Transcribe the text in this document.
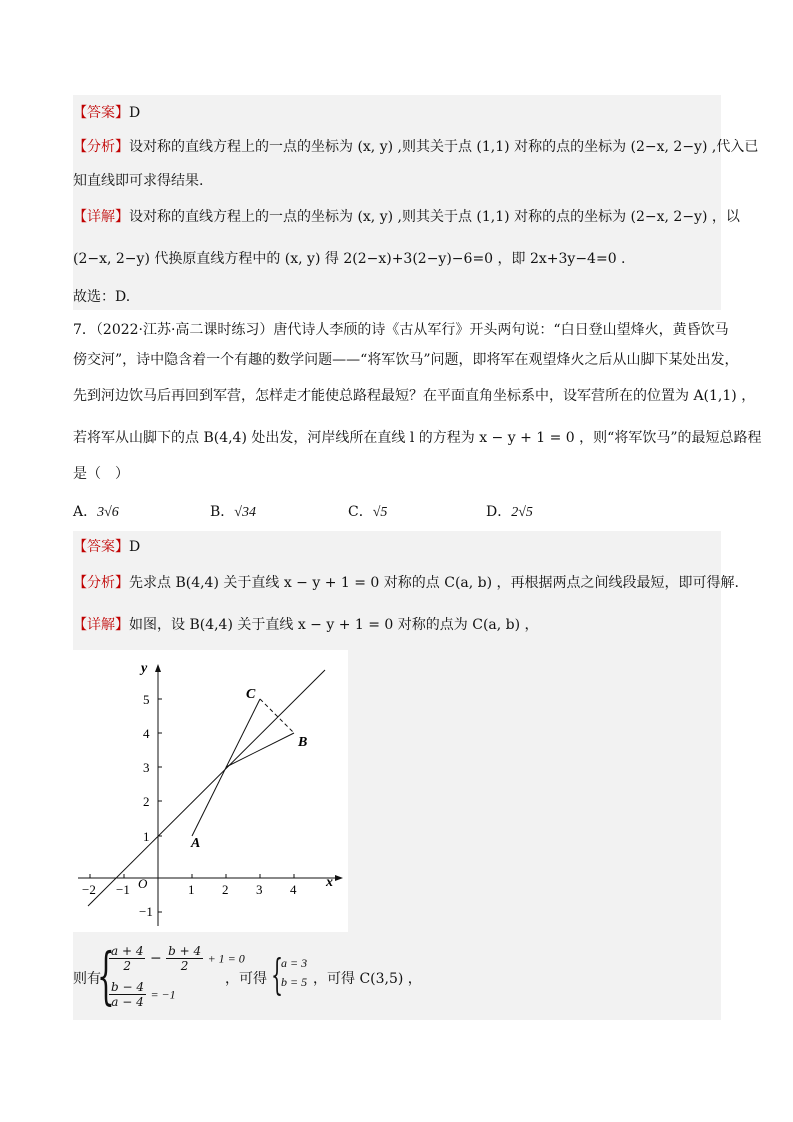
【答案】D
【分析】设对称的直线方程上的一点的坐标为 (x, y) ,则其关于点 (1,1) 对称的点的坐标为 (2−x, 2−y) ,代入已
知直线即可求得结果.
【详解】设对称的直线方程上的一点的坐标为 (x, y) ,则其关于点 (1,1) 对称的点的坐标为 (2−x, 2−y) ，以
(2−x, 2−y) 代换原直线方程中的 (x, y) 得 2(2−x)+3(2−y)−6=0 ，即 2x+3y−4=0 .
故选：D.
7．（2022·江苏·高二课时练习）唐代诗人李颀的诗《古从军行》开头两句说：“白日登山望烽火，黄昏饮马
傍交河”，诗中隐含着一个有趣的数学问题——“将军饮马”问题，即将军在观望烽火之后从山脚下某处出发，
先到河边饮马后再回到军营，怎样走才能使总路程最短？在平面直角坐标系中，设军营所在的位置为 A(1,1) ，
若将军从山脚下的点 B(4,4) 处出发，河岸线所在直线 l 的方程为 x − y + 1 = 0 ，则“将军饮马”的最短总路程
是（　）
A．3√6	B．√34	C．√5	D．2√5
【答案】D
【分析】先求点 B(4,4) 关于直线 x − y + 1 = 0 对称的点 C(a, b) ，再根据两点之间线段最短，即可得解.
【详解】如图，设 B(4,4) 关于直线 x − y + 1 = 0 对称的点为 C(a, b) ，
x
y
O
−2 −1	1 2 3 4
5
4
3
2
1
−1
A
B
C
则有
{
$\frac{a + 4}{2} - \frac{b + 4}{2} + 1 = 0$
$\frac{b - 4}{a - 4} = -1$
，可得 {
a = 3
b = 5 ，可得 C(3,5) ，
